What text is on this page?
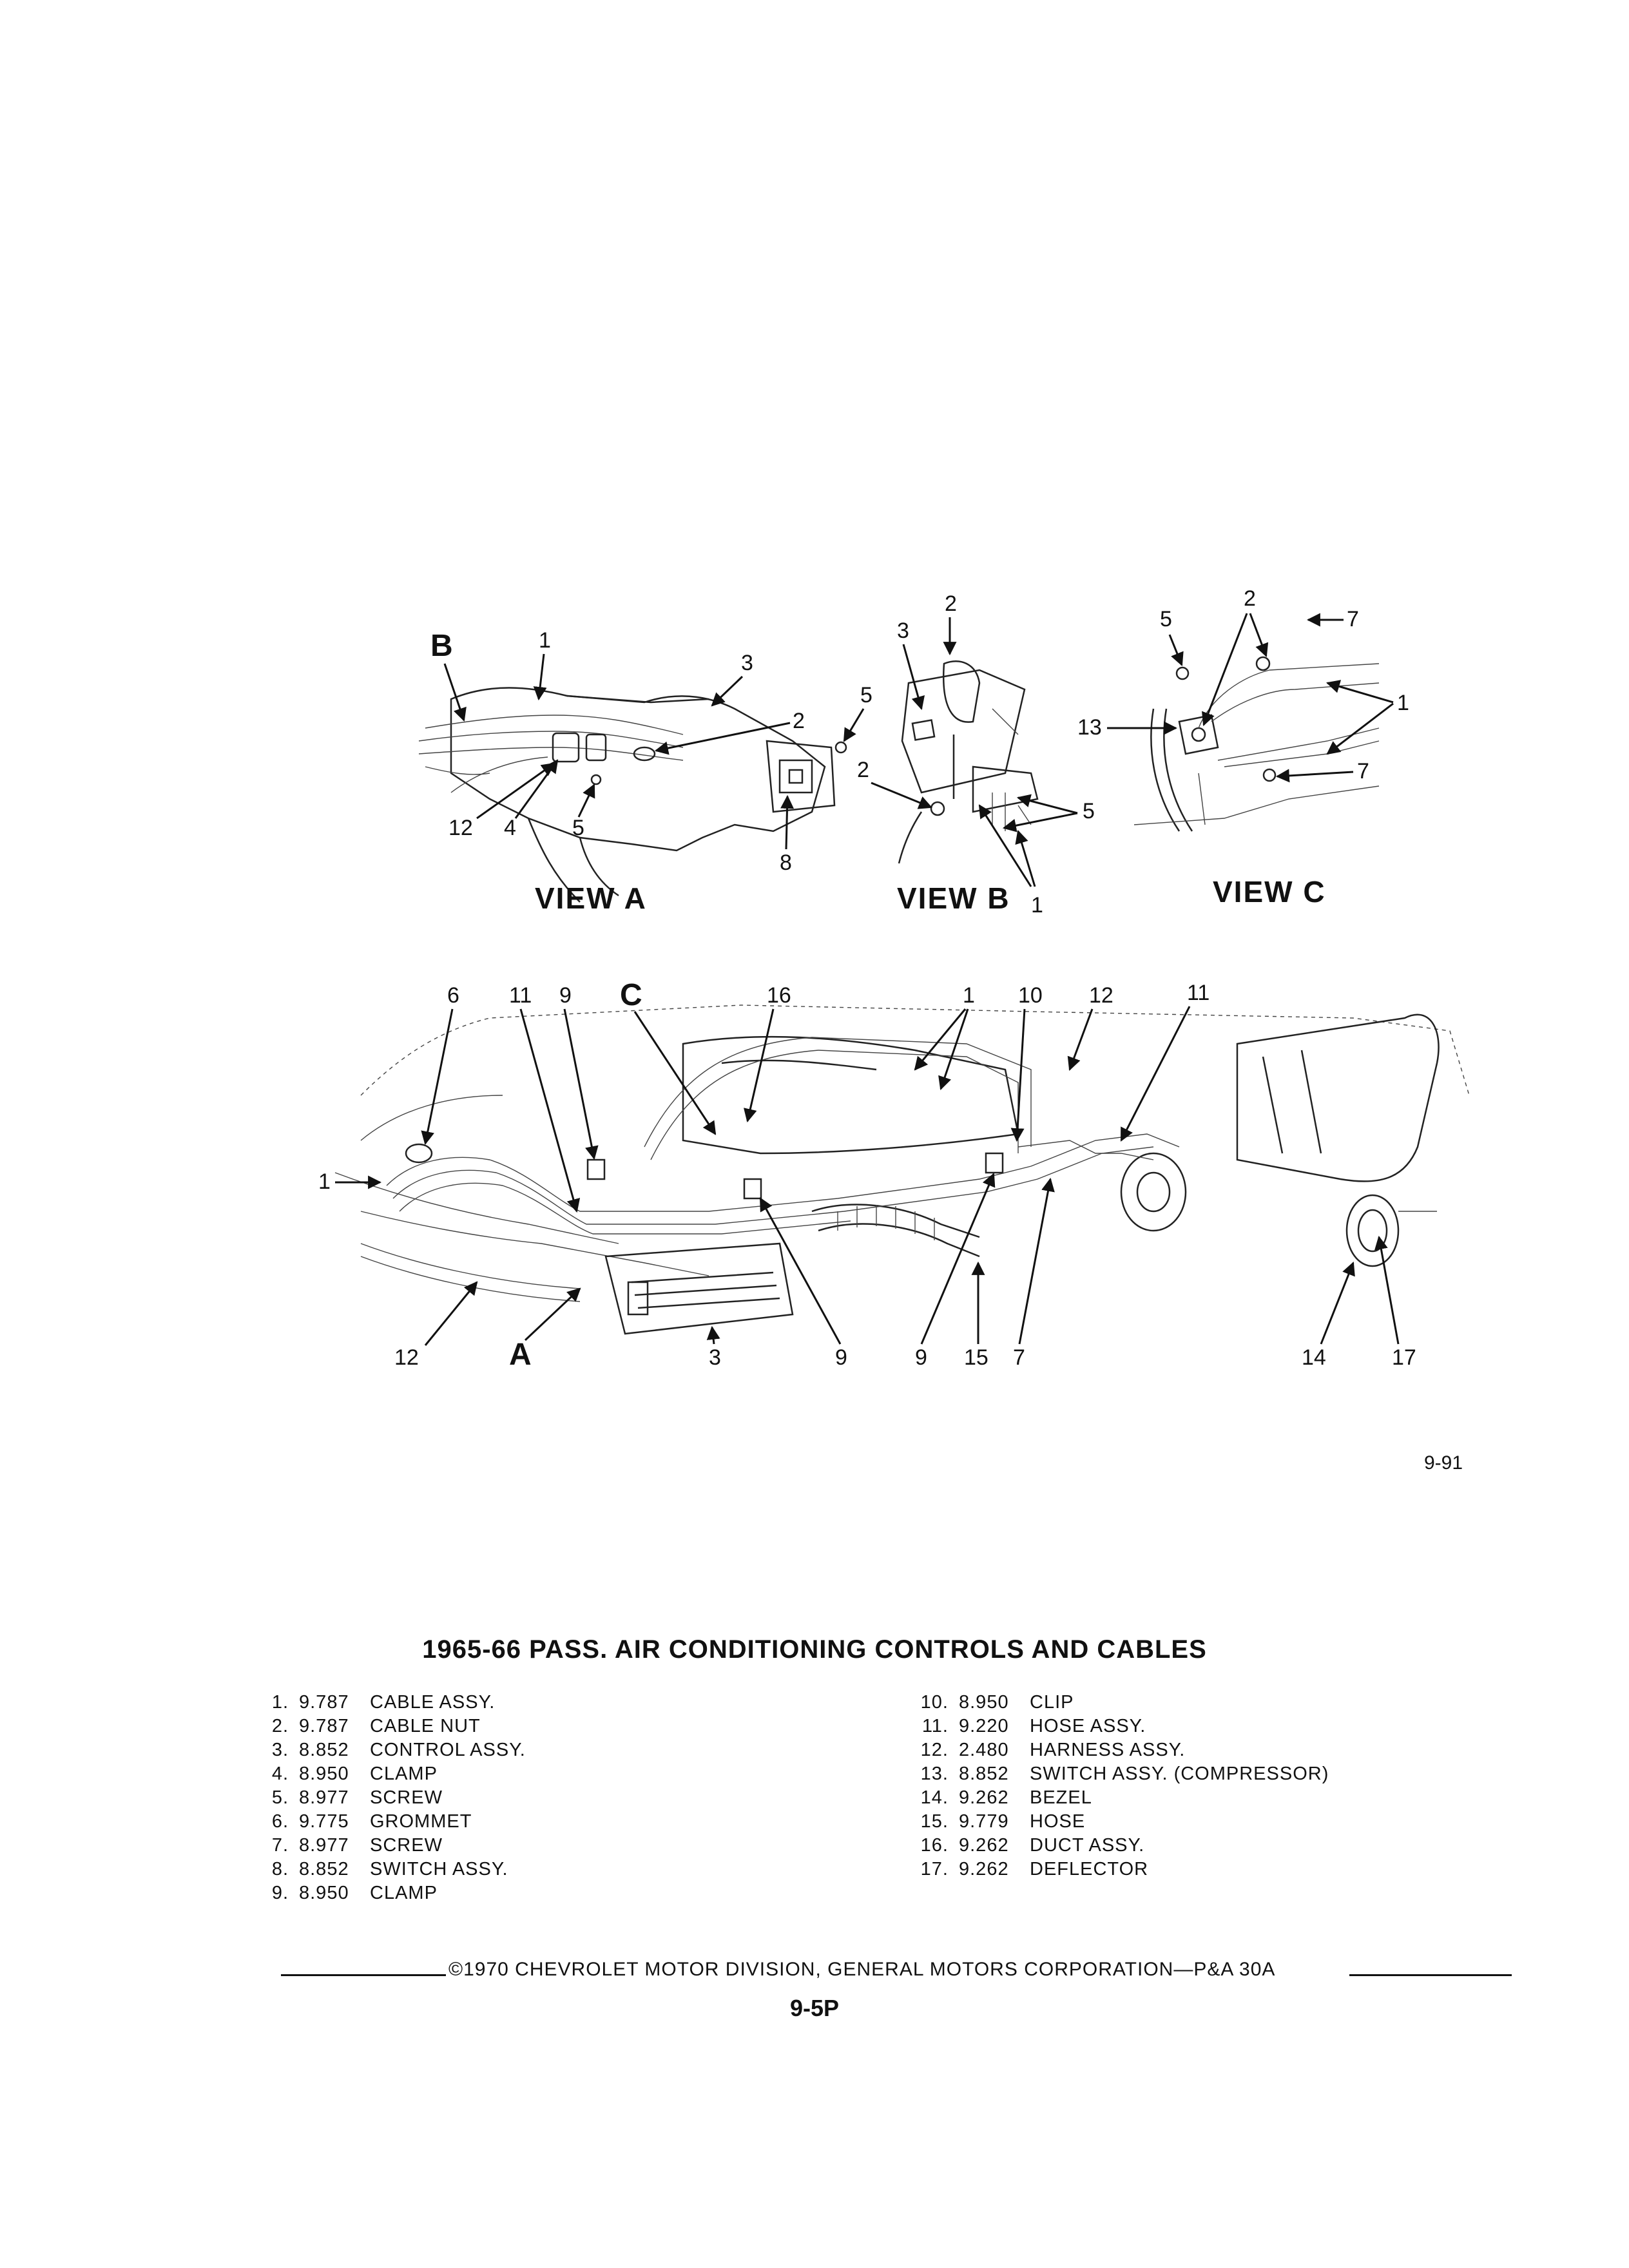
B	1
3
2
5
12 4	5
8
VIEW A
2
3
2
5
1
VIEW B
2
5	7
13
1
7
VIEW C
6 11 9 C	16	1 10 12	11
1
12	A	3	9	9 15 7	14	17
9-91
1965-66 PASS. AIR CONDITIONING CONTROLS AND CABLES
1. 9.787 CABLE ASSY.
2. 9.787 CABLE NUT
3. 8.852 CONTROL ASSY.
4. 8.950 CLAMP
5. 8.977 SCREW
6. 9.775 GROMMET
7. 8.977 SCREW
8. 8.852 SWITCH ASSY.
9. 8.950 CLAMP
10. 8.950 CLIP
11. 9.220 HOSE ASSY.
12. 2.480 HARNESS ASSY.
13. 8.852 SWITCH ASSY. (COMPRESSOR)
14. 9.262 BEZEL
15. 9.779 HOSE
16. 9.262 DUCT ASSY.
17. 9.262 DEFLECTOR
©1970 CHEVROLET MOTOR DIVISION, GENERAL MOTORS CORPORATION—P&A 30A
9-5P
